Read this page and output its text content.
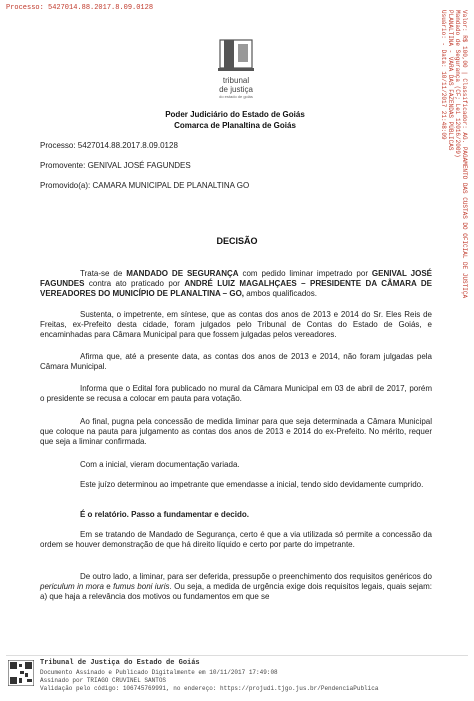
Processo: 5427014.88.2017.8.09.0128
tribunal
de justiça
do estado de goiás
Poder Judiciário do Estado de Goiás
Comarca de Planaltina de Goiás
Processo: 5427014.88.2017.8.09.0128
Promovente: GENIVAL JOSÉ FAGUNDES
Promovido(a): CAMARA MUNICIPAL DE PLANALTINA GO
DECISÃO
Trata-se de MANDADO DE SEGURANÇA com pedido liminar impetrado por GENIVAL JOSÉ FAGUNDES contra ato praticado por ANDRÉ LUIZ MAGALHÇAES – PRESIDENTE DA CÂMARA DE VEREADORES DO MUNICÍPIO DE PLANALTINA – GO, ambos qualificados.
Sustenta, o impetrente, em síntese, que as contas dos anos de 2013 e 2014 do Sr. Eles Reis de Freitas, ex-Prefeito desta cidade, foram julgados pelo Tribunal de Contas do Estado de Goiás, e encaminhadas para Câmara Municipal para que fossem julgadas pelos vereadores.
Afirma que, até a presente data, as contas dos anos de 2013 e 2014, não foram julgadas pela Câmara Municipal.
Informa que o Edital fora publicado no mural da Câmara Municipal em 03 de abril de 2017, porém o presidente se recusa a colocar em pauta para votação.
Ao final, pugna pela concessão de medida liminar para que seja determinada a Câmara Municipal que coloque na pauta para julgamento as contas dos anos de 2013 e 2014 do ex-Prefeito. No mérito, requer que seja a liminar confirmada.
Com a inicial, vieram documentação variada.
Este juízo determinou ao impetrante que emendasse a inicial, tendo sido devidamente cumprido.
É o relatório. Passo a fundamentar e decido.
Em se tratando de Mandado de Segurança, certo é que a via utilizada só permite a concessão da ordem se houver demonstração de que há direito líquido e certo por parte do impetrante.
De outro lado, a liminar, para ser deferida, pressupõe o preenchimento dos requisitos genéricos do periculum in mora e fumus boni iuris. Ou seja, a medida de urgência exige dois requisitos legais, quais sejam: a) que haja a relevância dos motivos ou fundamentos em que se
Valor: R$ 100,00 | Classificador: AG. PAGAMENTO DAS CUSTAS DO OFICIAL DE JUSTIÇA
Mandado de Segurança (CF; Lei 12016/2009)
PLANALTINA - VARA DAS FAZENDAS PÚBLICAS
Usuário: - Data: 10/11/2017 21:48:09
Tribunal de Justiça do Estado de Goiás
Documento Assinado e Publicado Digitalmente em 10/11/2017 17:49:08
Assinado por TRIAGO CRUVINEL SANTOS
Validação pelo código: 106745769991, no endereço: https://projudi.tjgo.jus.br/PendenciaPublica
